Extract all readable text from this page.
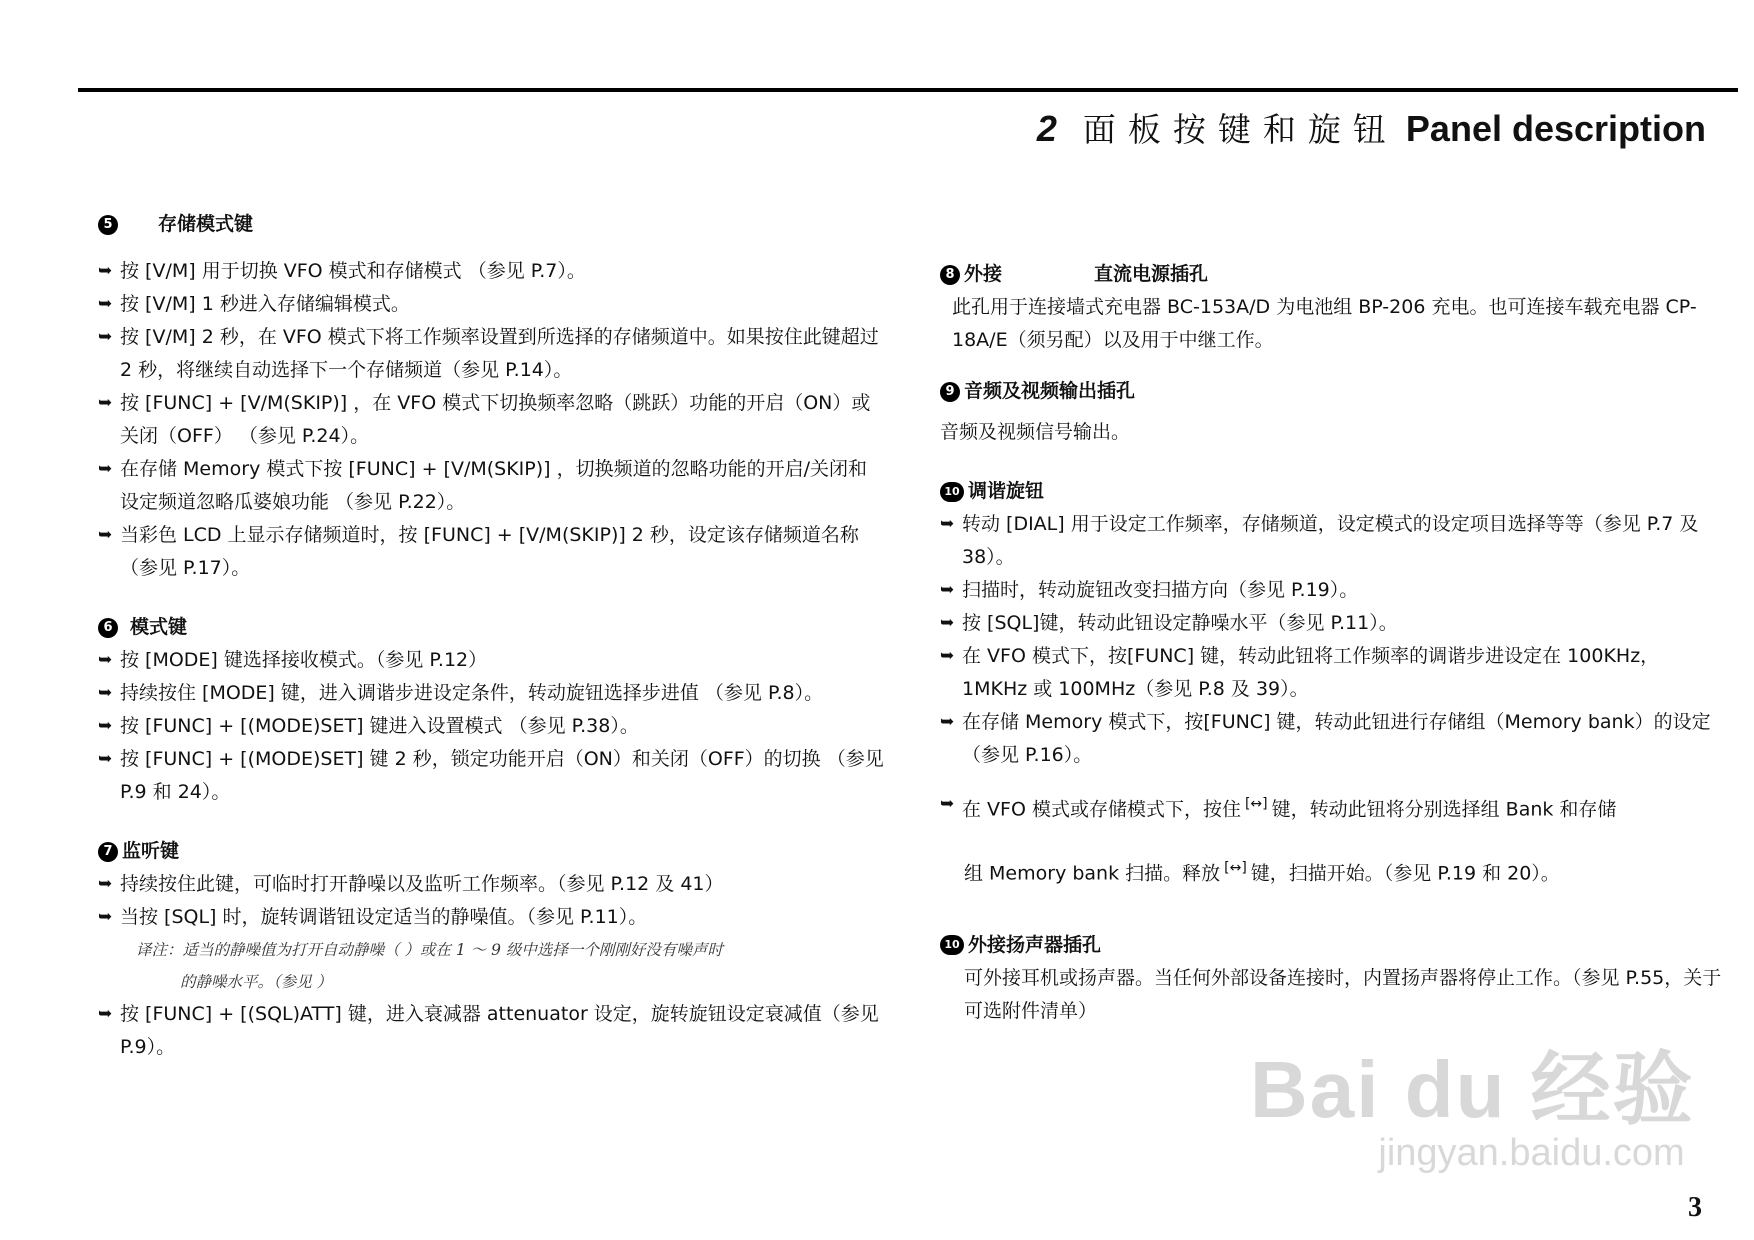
2 面板按键和旋钮 Panel description
5 存储模式键
➥ 按 [V/M] 用于切换 VFO 模式和存储模式 （参见 P.7）。
➥ 按 [V/M] 1 秒进入存储编辑模式。
➥ 按 [V/M] 2 秒，在 VFO 模式下将工作频率设置到所选择的存储频道中。如果按住此键超过 2 秒，将继续自动选择下一个存储频道（参见 P.14）。
➥ 按 [FUNC] + [V/M(SKIP)] ，在 VFO 模式下切换频率忽略（跳跃）功能的开启（ON）或关闭（OFF） （参见 P.24）。
➥ 在存储 Memory 模式下按 [FUNC] + [V/M(SKIP)] ，切换频道的忽略功能的开启/关闭和设定频道忽略瓜婆娘功能 （参见 P.22）。
➥ 当彩色 LCD 上显示存储频道时，按 [FUNC] + [V/M(SKIP)] 2 秒，设定该存储频道名称 （参见 P.17）。
6 模式键
➥ 按 [MODE] 键选择接收模式。（参见 P.12）
➥ 持续按住 [MODE] 键，进入调谐步进设定条件，转动旋钮选择步进值 （参见 P.8）。
➥ 按 [FUNC] + [(MODE)SET] 键进入设置模式 （参见 P.38）。
➥ 按 [FUNC] + [(MODE)SET] 键 2 秒，锁定功能开启（ON）和关闭（OFF）的切换 （参见 P.9 和 24）。
7 监听键
➥ 持续按住此键，可临时打开静噪以及监听工作频率。（参见 P.12 及 41）
➥ 当按 [SQL] 时，旋转调谐钮设定适当的静噪值。（参见 P.11）。
译注：适当的静噪值为打开自动静噪（ ）或在 1 ～ 9 级中选择一个刚刚好没有噪声时
的静噪水平。（参见 ）
➥ 按 [FUNC] + [(SQL)ATT] 键，进入衰减器 attenuator 设定，旋转旋钮设定衰减值（参见 P.9）。
8 外接	直流电源插孔
此孔用于连接墙式充电器 BC-153A/D 为电池组 BP-206 充电。也可连接车载充电器 CP-18A/E（须另配）以及用于中继工作。
9 音频及视频输出插孔
音频及视频信号输出。
10 调谐旋钮
➥ 转动 [DIAL] 用于设定工作频率，存储频道，设定模式的设定项目选择等等（参见 P.7 及 38）。
➥ 扫描时，转动旋钮改变扫描方向（参见 P.19）。
➥ 按 [SQL]键，转动此钮设定静噪水平（参见 P.11）。
➥ 在 VFO 模式下，按[FUNC] 键，转动此钮将工作频率的调谐步进设定在 100KHz，1MKHz 或 100MHz（参见 P.8 及 39）。
➥ 在存储 Memory 模式下，按[FUNC] 键，转动此钮进行存储组（Memory bank）的设定（参见 P.16）。
➥ 在 VFO 模式或存储模式下，按住 [↔] 键，转动此钮将分别选择组 Bank 和存储
组 Memory bank 扫描。释放 [↔] 键，扫描开始。（参见 P.19 和 20）。
10 外接扬声器插孔
可外接耳机或扬声器。当任何外部设备连接时，内置扬声器将停止工作。（参见 P.55，关于可选附件清单）
Bai du 经验
jingyan.baidu.com
3
